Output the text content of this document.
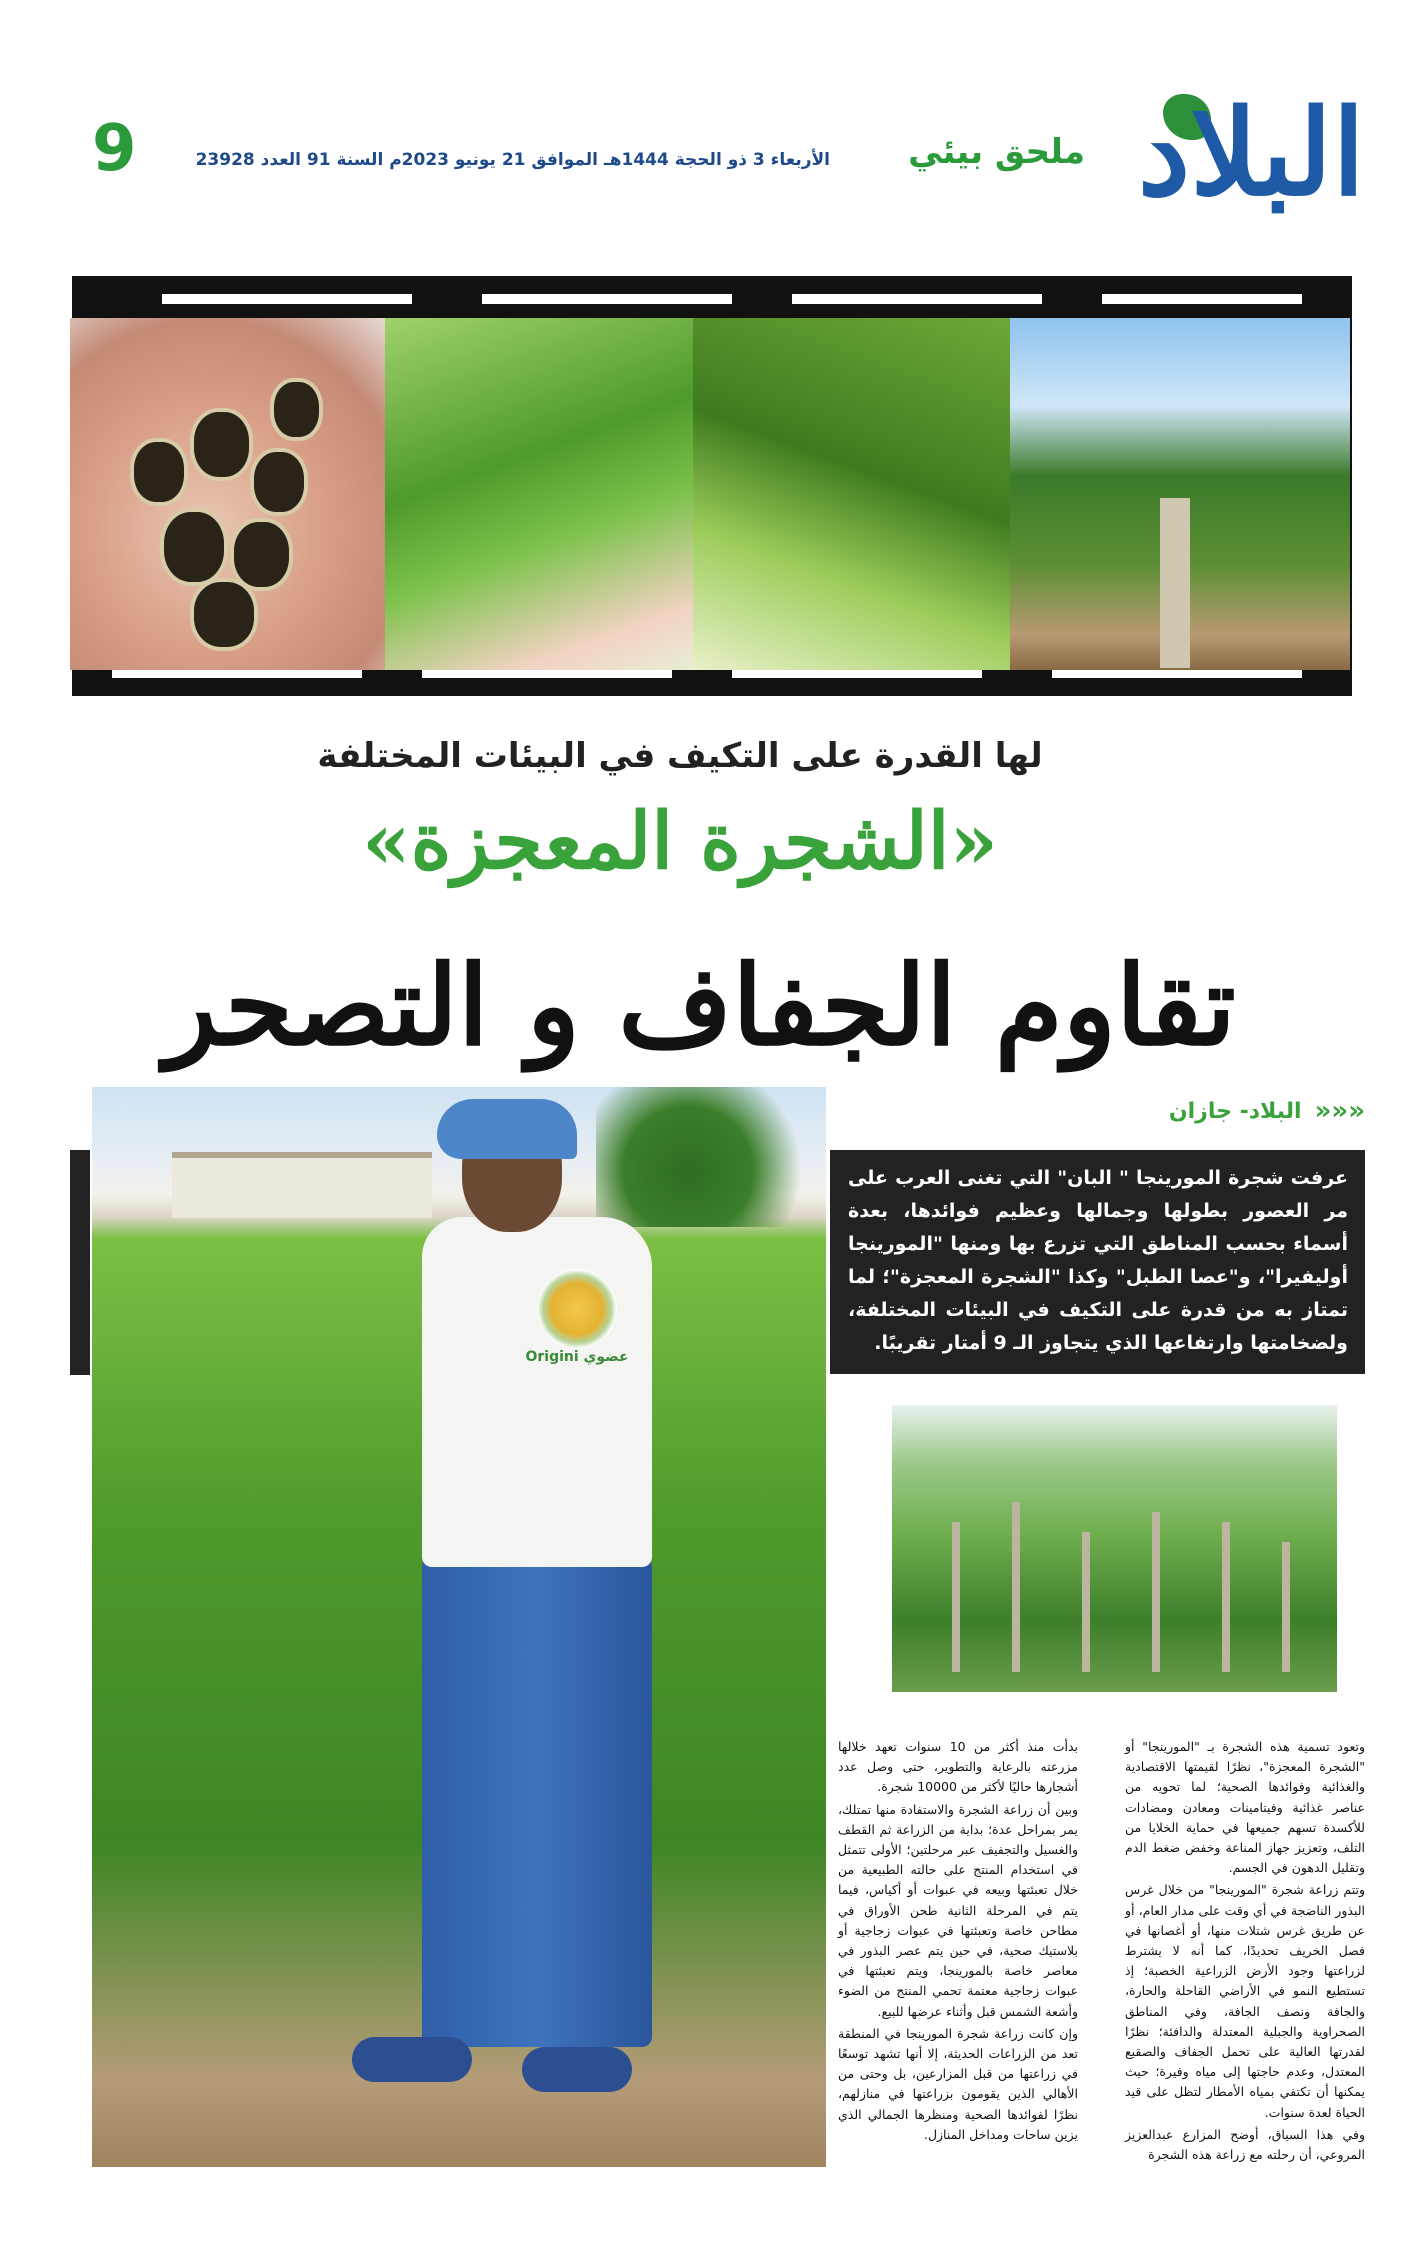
البلاد
ملحق بيئي
الأربعاء 3 ذو الحجة 1444هـ الموافق 21 يونيو 2023م السنة 91 العدد 23928
9
لها القدرة على التكيف في البيئات المختلفة
«الشجرة المعجزة»
تقاوم الجفاف و التصحر
Origini عضوي
««« البلاد- جازان
عرفت شجرة المورينجا " البان" التي تغنى العرب على مر العصور بطولها وجمالها وعظيم فوائدها، بعدة أسماء بحسب المناطق التي تزرع بها ومنها "المورينجا أوليفيرا"، و"عصا الطبل" وكذا "الشجرة المعجزة"؛ لما تمتاز به من قدرة على التكيف في البيئات المختلفة، ولضخامتها وارتفاعها الذي يتجاوز الـ 9 أمتار تقريبًا.

وتعود تسمية هذه الشجرة بـ "المورينجا" أو "الشجرة المعجزة"، نظرًا لقيمتها الاقتصادية والغذائية وفوائدها الصحية؛ لما تحويه من عناصر غذائية وفيتامينات ومعادن ومضادات للأكسدة تسهم جميعها في حماية الخلايا من التلف، وتعزيز جهاز المناعة وخفض ضغط الدم وتقليل الدهون في الجسم.

وتتم زراعة شجرة "المورينجا" من خلال غرس البذور الناضجة في أي وقت على مدار العام، أو عن طريق غرس شتلات منها، أو أغصانها في فصل الخريف تحديدًا، كما أنه لا يشترط لزراعتها وجود الأرض الزراعية الخصبة؛ إذ تستطيع النمو في الأراضي القاحلة والحارة، والجافة ونصف الجافة، وفي المناطق الصحراوية والجبلية المعتدلة والدافئة؛ نظرًا لقدرتها العالية على تحمل الجفاف والصقيع المعتدل، وعدم حاجتها إلى مياه وفيرة؛ حيث يمكنها أن تكتفي بمياه الأمطار لتظل على قيد الحياة لعدة سنوات.

وفي هذا السياق، أوضح المزارع عبدالعزيز المروعي، أن رحلته مع زراعة هذه الشجرة

بدأت منذ أكثر من 10 سنوات تعهد خلالها مزرعته بالرعاية والتطوير، حتى وصل عدد أشجارها حاليًا لأكثر من 10000 شجرة.

وبين أن زراعة الشجرة والاستفادة منها تمتلك، يمر بمراحل عدة؛ بداية من الزراعة ثم القطف والغسيل والتجفيف عبر مرحلتين؛ الأولى تتمثل في استخدام المنتج على حالته الطبيعية من خلال تعبئتها وبيعه في عبوات أو أكياس، فيما يتم في المرحلة الثانية طحن الأوراق في مطاحن خاصة وتعبئتها في عبوات زجاجية أو بلاستيك صحية، في حين يتم عصر البذور في معاصر خاصة بالمورينجا، ويتم تعبئتها في عبوات زجاجية معتمة تحمي المنتج من الضوء وأشعة الشمس قبل وأثناء عرضها للبيع.

وإن كانت زراعة شجرة المورينجا في المنطقة تعد من الزراعات الحديثة، إلا أنها تشهد توسعًا في زراعتها من قبل المزارعين، بل وحتى من الأهالي الذين يقومون بزراعتها في منازلهم، نظرًا لفوائدها الصحية ومنظرها الجمالي الذي يزين ساحات ومداخل المنازل.
